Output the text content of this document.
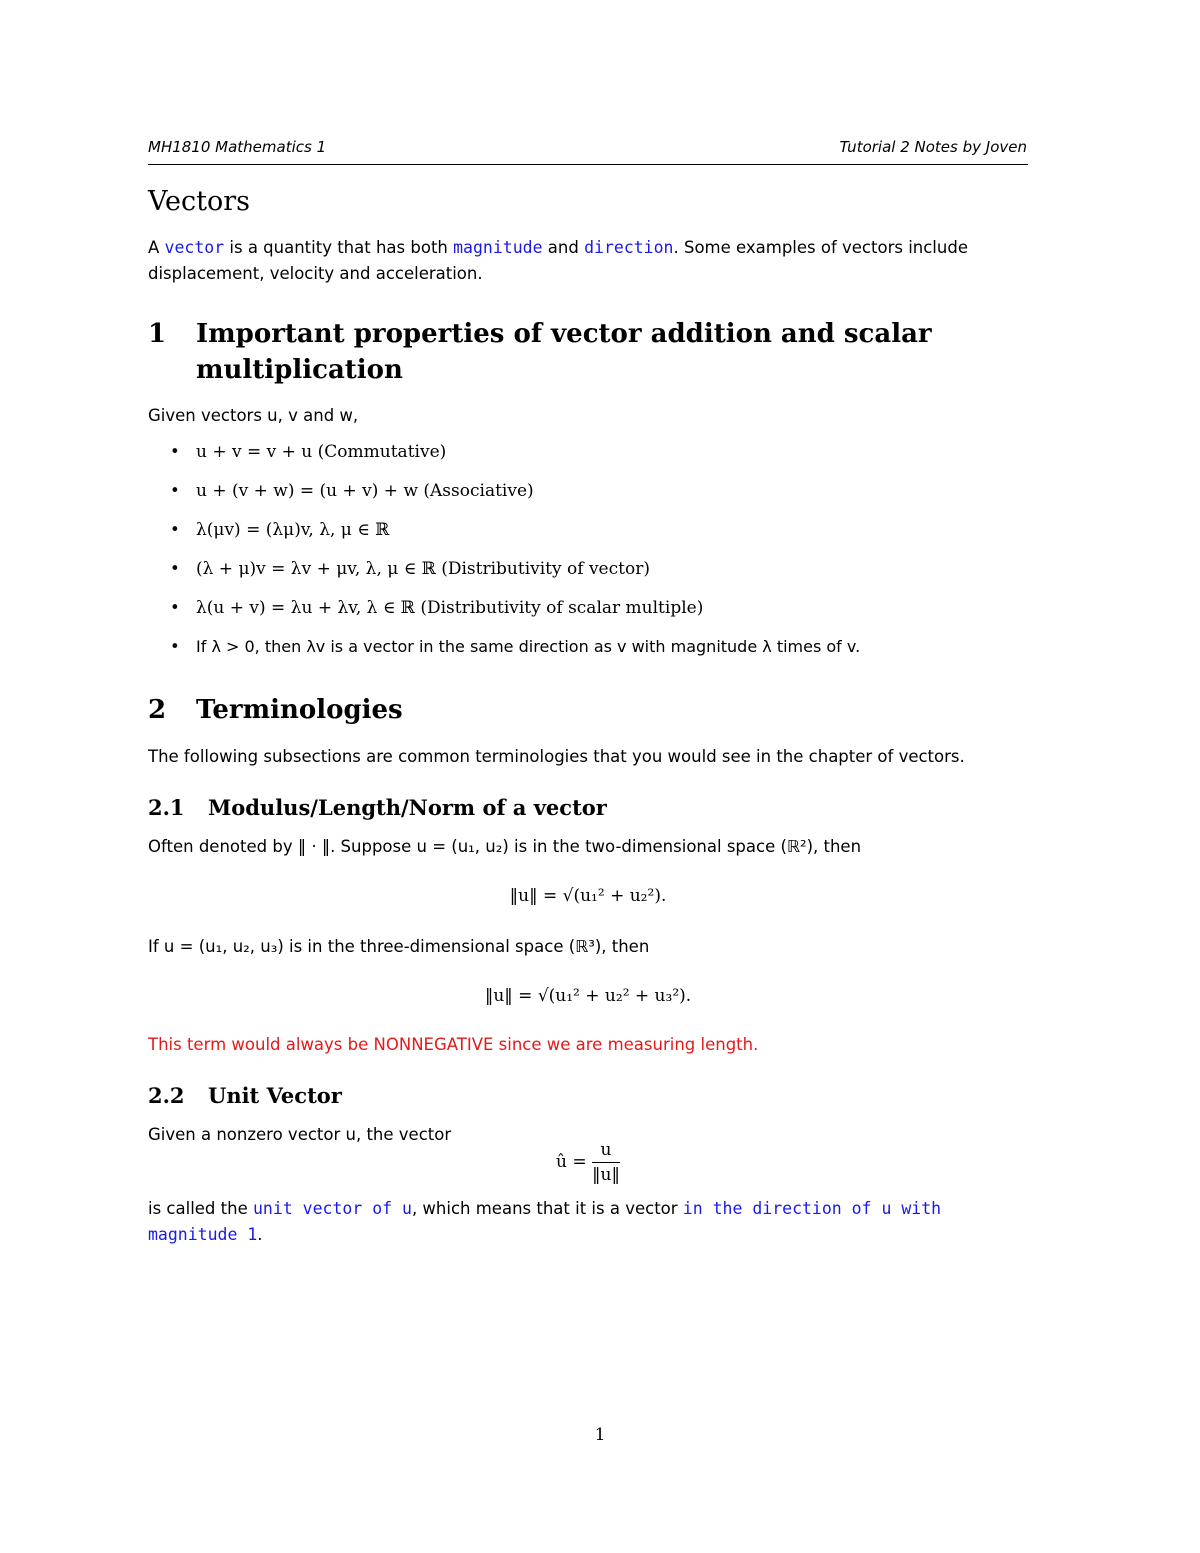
MH1810 Mathematics 1	Tutorial 2 Notes by Joven
Vectors
A vector is a quantity that has both magnitude and direction. Some examples of vectors include displacement, velocity and acceleration.
1 Important properties of vector addition and scalar multiplication
Given vectors u, v and w,
• u + v = v + u (Commutative)
• u + (v + w) = (u + v) + w (Associative)
• λ(μv) = (λμ)v, λ, μ ∈ ℝ
• (λ + μ)v = λv + μv, λ, μ ∈ ℝ (Distributivity of vector)
• λ(u + v) = λu + λv, λ ∈ ℝ (Distributivity of scalar multiple)
• If λ > 0, then λv is a vector in the same direction as v with magnitude λ times of v.
2 Terminologies
The following subsections are common terminologies that you would see in the chapter of vectors.
2.1 Modulus/Length/Norm of a vector
Often denoted by ‖ · ‖. Suppose u = (u₁, u₂) is in the two-dimensional space (ℝ²), then
‖u‖ = √(u₁² + u₂²).
If u = (u₁, u₂, u₃) is in the three-dimensional space (ℝ³), then
‖u‖ = √(u₁² + u₂² + u₃²).
This term would always be NONNEGATIVE since we are measuring length.
2.2 Unit Vector
Given a nonzero vector u, the vector
û = $\frac{u}{‖u‖}$
is called the unit vector of u, which means that it is a vector in the direction of u with magnitude 1.
1
